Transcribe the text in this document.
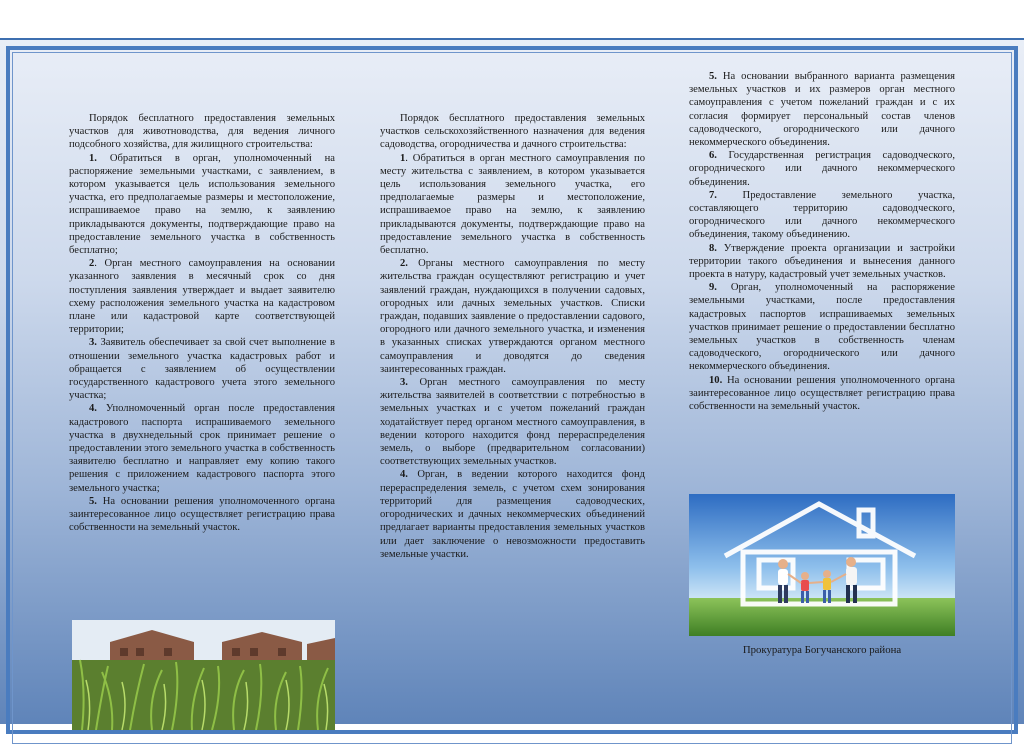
Порядок бесплатного предоставления земельных участков для животноводства, для ведения личного подсобного хозяйства, для жилищного строительства:

1. Обратиться в орган, уполномоченный на распоряжение земельными участками, с заявлением, в котором указывается цель использования земельного участка, его предполагаемые размеры и местоположение, испрашиваемое право на землю, к заявлению прикладываются документы, подтверждающие право на предоставление земельного участка в собственность бесплатно;

2. Орган местного самоуправления на основании указанного заявления в месячный срок со дня поступления заявления утверждает и выдает заявителю схему расположения земельного участка на кадастровом плане или кадастровой карте соответствующей территории;

3. Заявитель обеспечивает за свой счет выполнение в отношении земельного участка кадастровых работ и обращается с заявлением об осуществлении государственного кадастрового учета этого земельного участка;

4. Уполномоченный орган после предоставления кадастрового паспорта испрашиваемого земельного участка в двухнедельный срок принимает решение о предоставлении этого земельного участка в собственность заявителю бесплатно и направляет ему копию такого решения с приложением кадастрового паспорта этого земельного участка;

5. На основании решения уполномоченного органа заинтересованное лицо осуществляет регистрацию права собственности на земельный участок.

Порядок бесплатного предоставления земельных участков сельскохозяйственного назначения для ведения садоводства, огородничества и дачного строительства:

1. Обратиться в орган местного самоуправления по месту жительства с заявлением, в котором указывается цель использования земельного участка, его предполагаемые размеры и местоположение, испрашиваемое право на землю, к заявлению прикладываются документы, подтверждающие право на предоставление земельного участка в собственность бесплатно.

2. Органы местного самоуправления по месту жительства граждан осуществляют регистрацию и учет заявлений граждан, нуждающихся в получении садовых, огородных или дачных земельных участков. Списки граждан, подавших заявление о предоставлении садового, огородного или дачного земельного участка, и изменения в указанных списках утверждаются органом местного самоуправления и доводятся до сведения заинтересованных граждан.

3. Орган местного самоуправления по месту жительства заявителей в соответствии с потребностью в земельных участках и с учетом пожеланий граждан ходатайствует перед органом местного самоуправления, в ведении которого находится фонд перераспределения земель, о выборе (предварительном согласовании) соответствующих земельных участков.

4. Орган, в ведении которого находится фонд перераспределения земель, с учетом схем зонирования территорий для размещения садоводческих, огороднических и дачных некоммерческих объединений предлагает варианты предоставления земельных участков или дает заключение о невозможности предоставить земельные участки.

5. На основании выбранного варианта размещения земельных участков и их размеров орган местного самоуправления с учетом пожеланий граждан и с их согласия формирует персональный состав членов садоводческого, огороднического или дачного некоммерческого объединения.

6. Государственная регистрация садоводческого, огороднического или дачного некоммерческого объединения.

7. Предоставление земельного участка, составляющего территорию садоводческого, огороднического или дачного некоммерческого объединения, такому объединению.

8. Утверждение проекта организации и застройки территории такого объединения и вынесения данного проекта в натуру, кадастровый учет земельных участков.

9. Орган, уполномоченный на распоряжение земельными участками, после предоставления кадастровых паспортов испрашиваемых земельных участков принимает решение о предоставлении бесплатно земельных участков в собственность членам садоводческого, огороднического или дачного некоммерческого объединения.

10. На основании решения уполномоченного органа заинтересованное лицо осуществляет регистрацию права собственности на земельный участок.

Прокуратура Богучанского района
